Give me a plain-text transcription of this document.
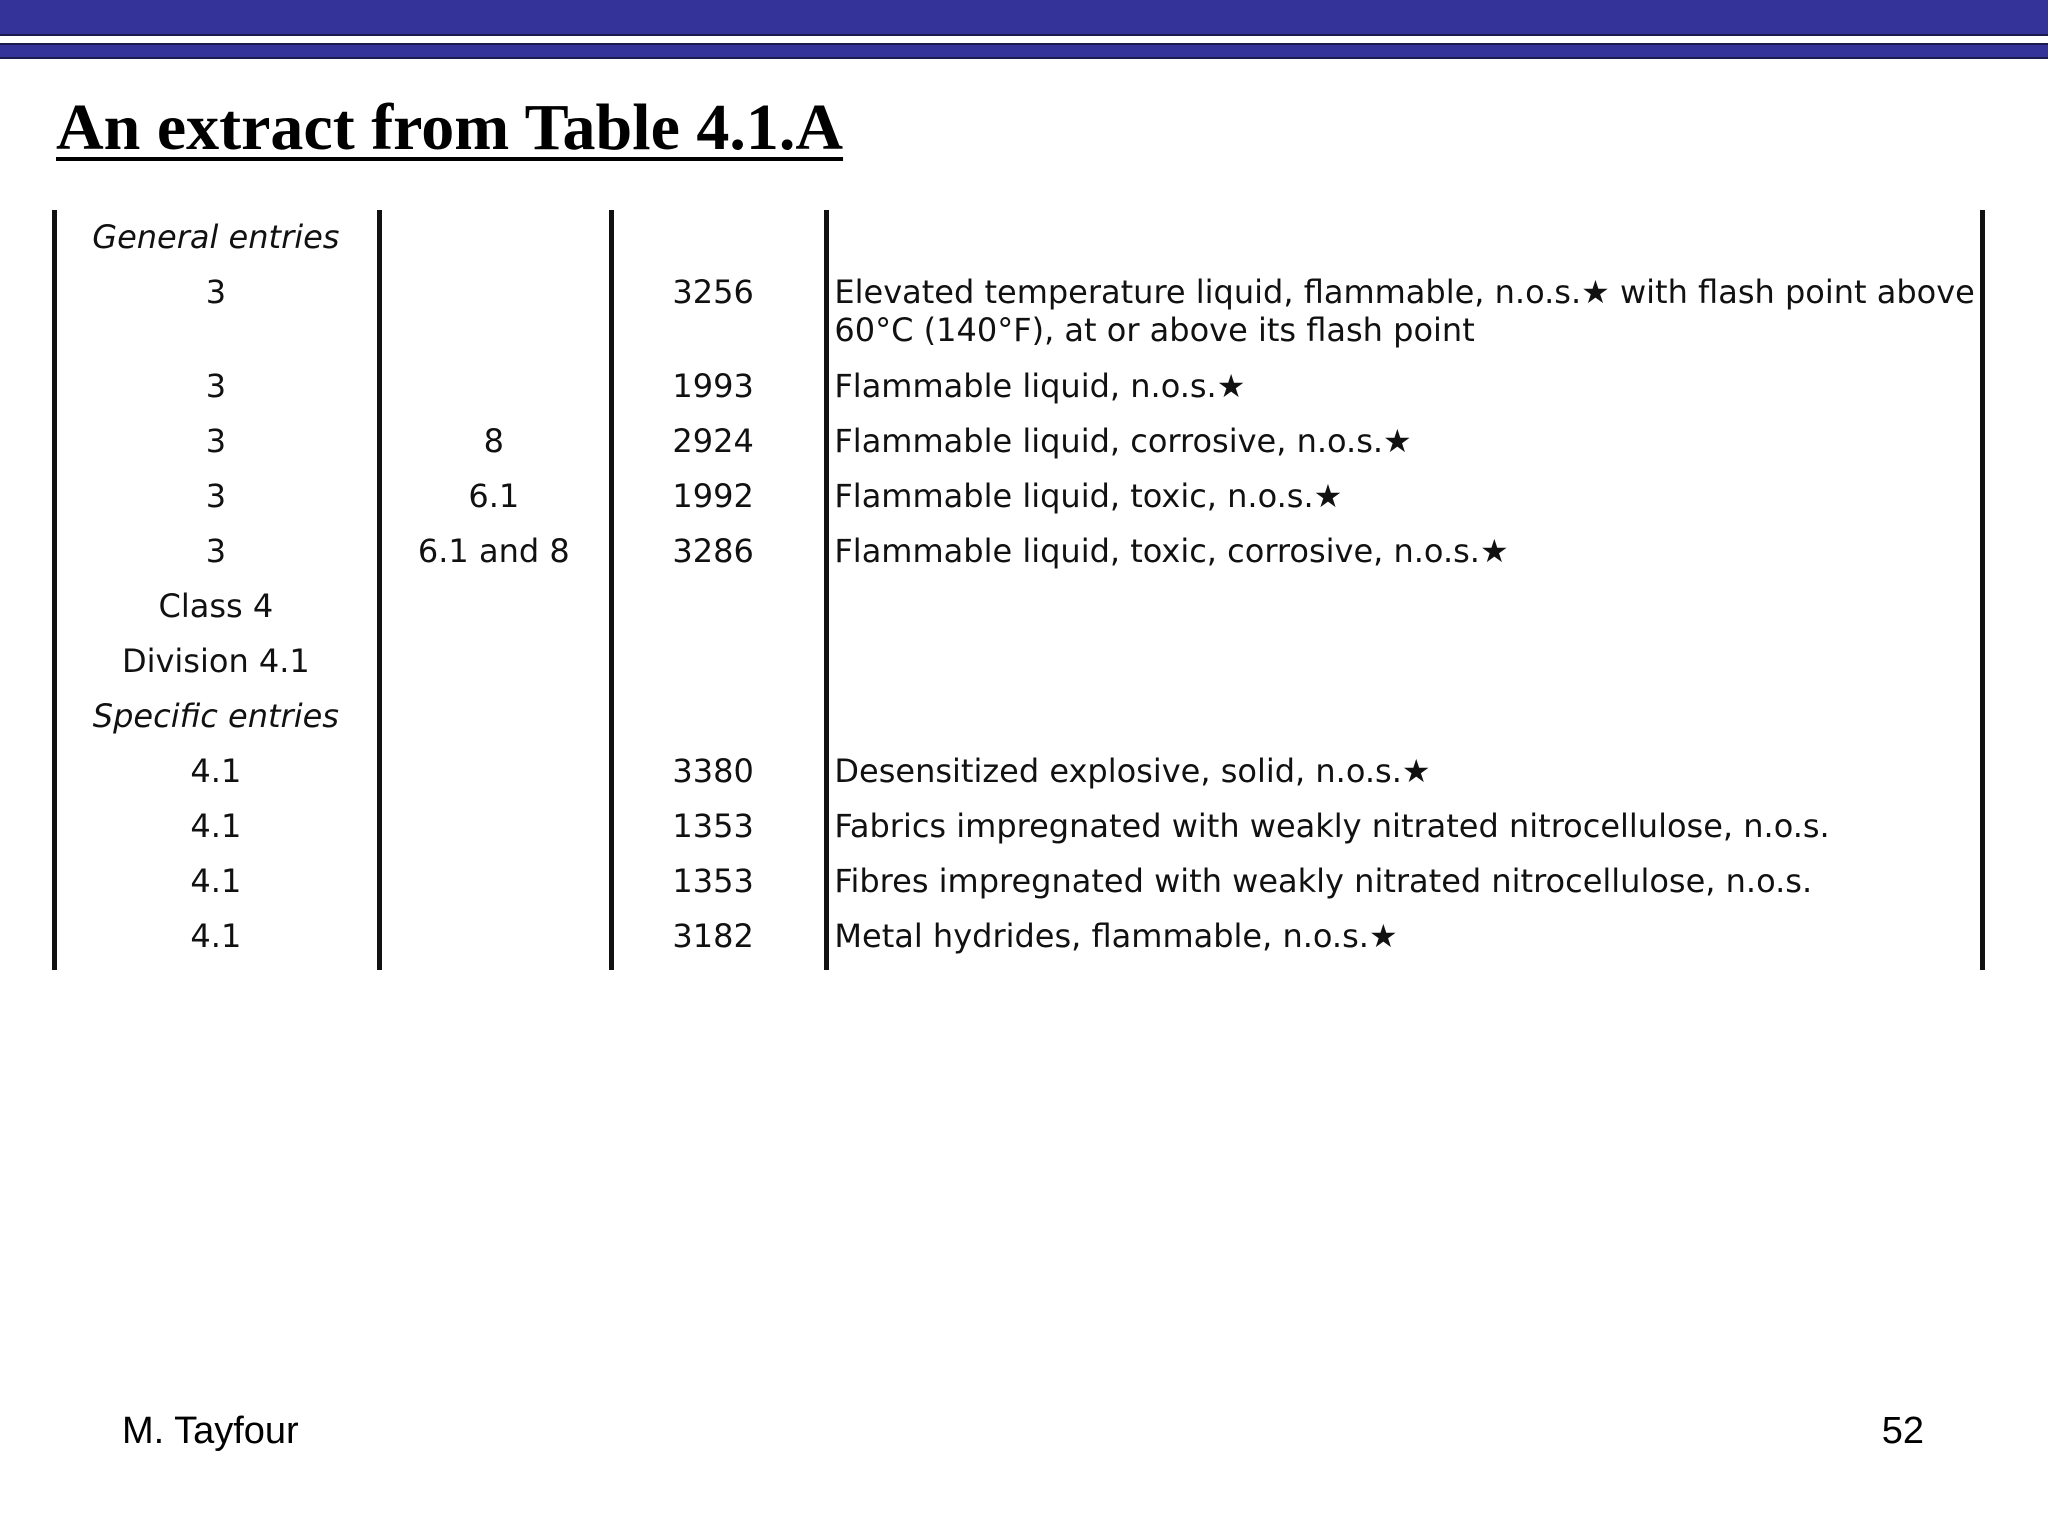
An extract from Table 4.1.A
General entries			
3		3256	Elevated temperature liquid, flammable, n.o.s.★ with flash point above 60°C (140°F), at or above its flash point
3		1993	Flammable liquid, n.o.s.★
3	8	2924	Flammable liquid, corrosive, n.o.s.★
3	6.1	1992	Flammable liquid, toxic, n.o.s.★
3	6.1 and 8	3286	Flammable liquid, toxic, corrosive, n.o.s.★
Class 4			
Division 4.1			
Specific entries			
4.1		3380	Desensitized explosive, solid, n.o.s.★
4.1		1353	Fabrics impregnated with weakly nitrated nitrocellulose, n.o.s.
4.1		1353	Fibres impregnated with weakly nitrated nitrocellulose, n.o.s.
4.1		3182	Metal hydrides, flammable, n.o.s.★
M. Tayfour	52
